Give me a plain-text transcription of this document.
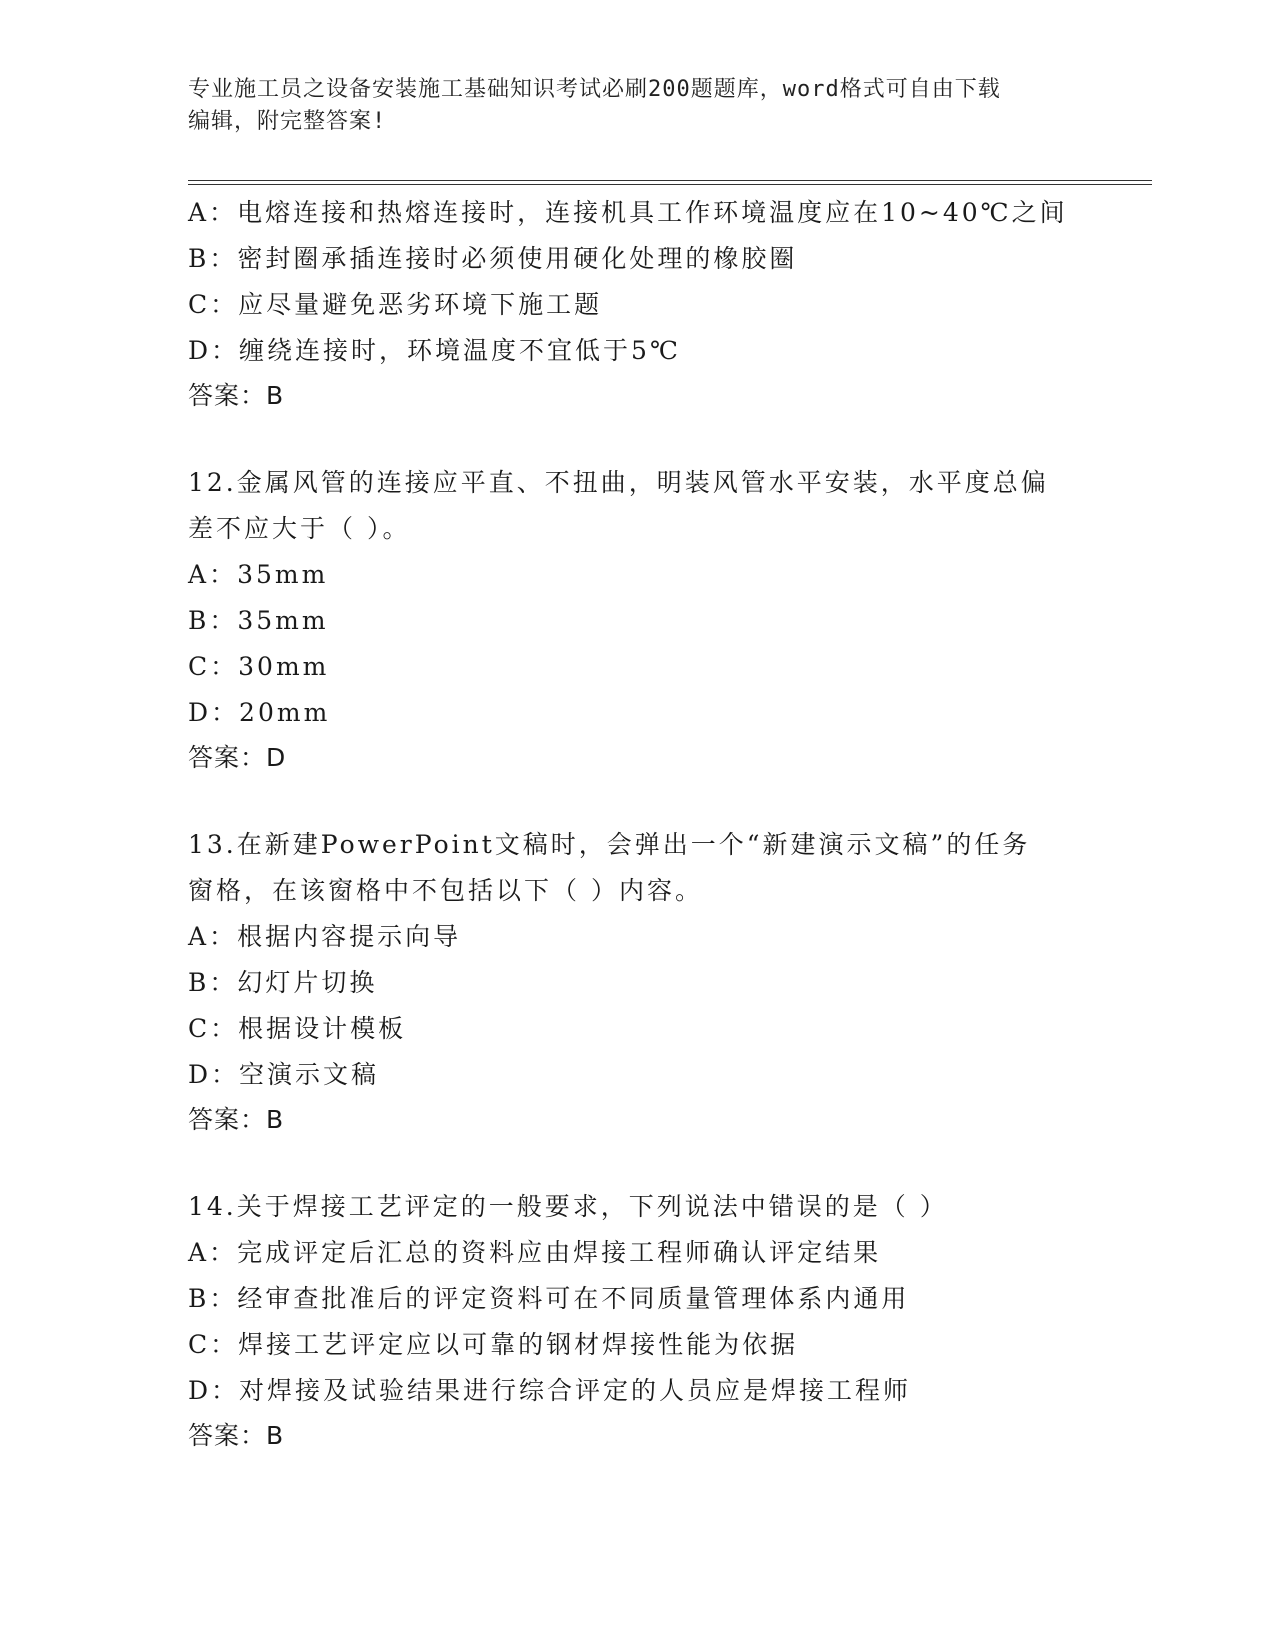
专业施工员之设备安装施工基础知识考试必刷200题题库，word格式可自由下载
编辑，附完整答案!
A：电熔连接和热熔连接时，连接机具工作环境温度应在10~40℃之间
B：密封圈承插连接时必须使用硬化处理的橡胶圈
C：应尽量避免恶劣环境下施工题
D：缠绕连接时，环境温度不宜低于5℃
答案：B
12.金属风管的连接应平直、不扭曲，明装风管水平安装，水平度总偏
差不应大于（ ）。
A：35mm
B：35mm
C：30mm
D：20mm
答案：D
13.在新建PowerPoint文稿时，会弹出一个“新建演示文稿”的任务
窗格，在该窗格中不包括以下（ ）内容。
A：根据内容提示向导
B：幻灯片切换
C：根据设计模板
D：空演示文稿
答案：B
14.关于焊接工艺评定的一般要求，下列说法中错误的是（ ）
A：完成评定后汇总的资料应由焊接工程师确认评定结果
B：经审查批准后的评定资料可在不同质量管理体系内通用
C：焊接工艺评定应以可靠的钢材焊接性能为依据
D：对焊接及试验结果进行综合评定的人员应是焊接工程师
答案：B
